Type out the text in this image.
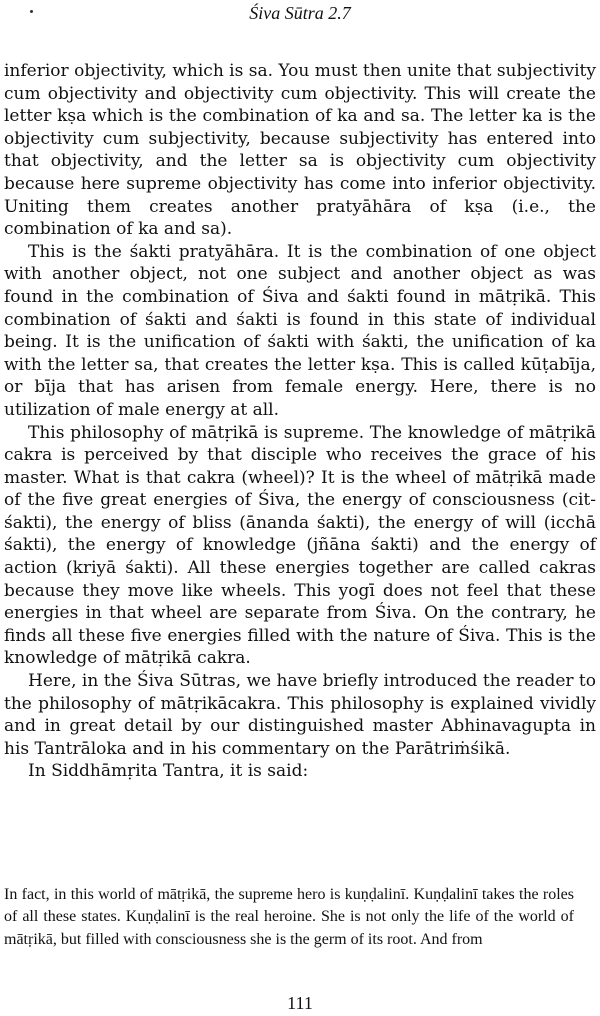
Śiva Sūtra 2.7

inferior objectivity, which is sa. You must then unite that subjectivity cum objectivity and objectivity cum objectivity. This will create the letter kṣa which is the combination of ka and sa. The letter ka is the objectivity cum subjectivity, because subjectivity has entered into that objectivity, and the letter sa is objectivity cum objectivity because here supreme objectivity has come into inferior objectivity. Uniting them creates another pratyāhāra of kṣa (i.e., the combination of ka and sa).

This is the śakti pratyāhāra. It is the combination of one object with another object, not one subject and another object as was found in the combination of Śiva and śakti found in mātṛikā. This combination of śakti and śakti is found in this state of individual being. It is the unification of śakti with śakti, the unification of ka with the letter sa, that creates the letter kṣa. This is called kūṭabīja, or bīja that has arisen from female energy. Here, there is no utilization of male energy at all.

This philosophy of mātṛikā is supreme. The knowledge of mātṛikā cakra is perceived by that disciple who receives the grace of his master. What is that cakra (wheel)? It is the wheel of mātṛikā made of the five great energies of Śiva, the energy of consciousness (cit-śakti), the energy of bliss (ānanda śakti), the energy of will (icchā śakti), the energy of knowledge (jñāna śakti) and the energy of action (kriyā śakti). All these energies together are called cakras because they move like wheels. This yogī does not feel that these energies in that wheel are separate from Śiva. On the contrary, he finds all these five energies filled with the nature of Śiva. This is the knowledge of mātṛikā cakra.

Here, in the Śiva Sūtras, we have briefly introduced the reader to the philosophy of mātṛikācakra. This philosophy is explained vividly and in great detail by our distinguished master Abhinavagupta in his Tantrāloka and in his commentary on the Parātriṁśikā.

In Siddhāmṛita Tantra, it is said:

In fact, in this world of mātṛikā, the supreme hero is kuṇḍalinī. Kuṇḍalinī takes the roles of all these states. Kuṇḍalinī is the real heroine. She is not only the life of the world of mātṛikā, but filled with consciousness she is the germ of its root. And from

111
